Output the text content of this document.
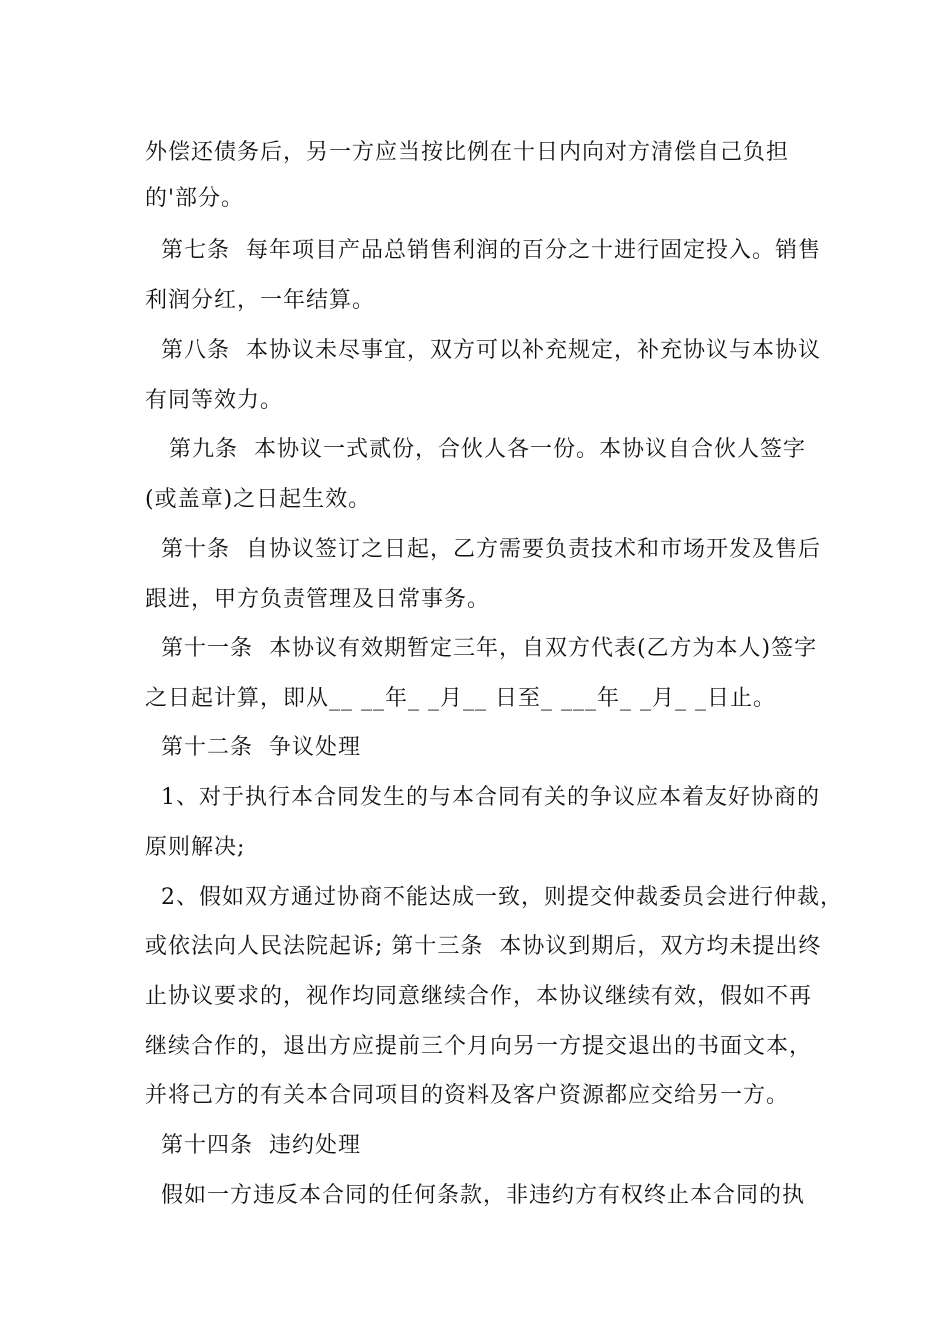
外偿还债务后，另一方应当按比例在十日内向对方清偿自己负担
的'部分。
第七条  每年项目产品总销售利润的百分之十进行固定投入。销售
利润分红，一年结算。
第八条  本协议未尽事宜，双方可以补充规定，补充协议与本协议
有同等效力。
第九条  本协议一式贰份，合伙人各一份。本协议自合伙人签字
(或盖章)之日起生效。
第十条  自协议签订之日起，乙方需要负责技术和市场开发及售后
跟进，甲方负责管理及日常事务。
第十一条  本协议有效期暂定三年，自双方代表(乙方为本人)签字
之日起计算，即从__ __年_ _月__ 日至_ ___年_ _月_ _日止。
第十二条  争议处理
1、对于执行本合同发生的与本合同有关的争议应本着友好协商的
原则解决;
2、假如双方通过协商不能达成一致，则提交仲裁委员会进行仲裁，
或依法向人民法院起诉; 第十三条  本协议到期后，双方均未提出终
止协议要求的，视作均同意继续合作，本协议继续有效，假如不再
继续合作的，退出方应提前三个月向另一方提交退出的书面文本，
并将己方的有关本合同项目的资料及客户资源都应交给另一方。
第十四条  违约处理
假如一方违反本合同的任何条款，非违约方有权终止本合同的执
